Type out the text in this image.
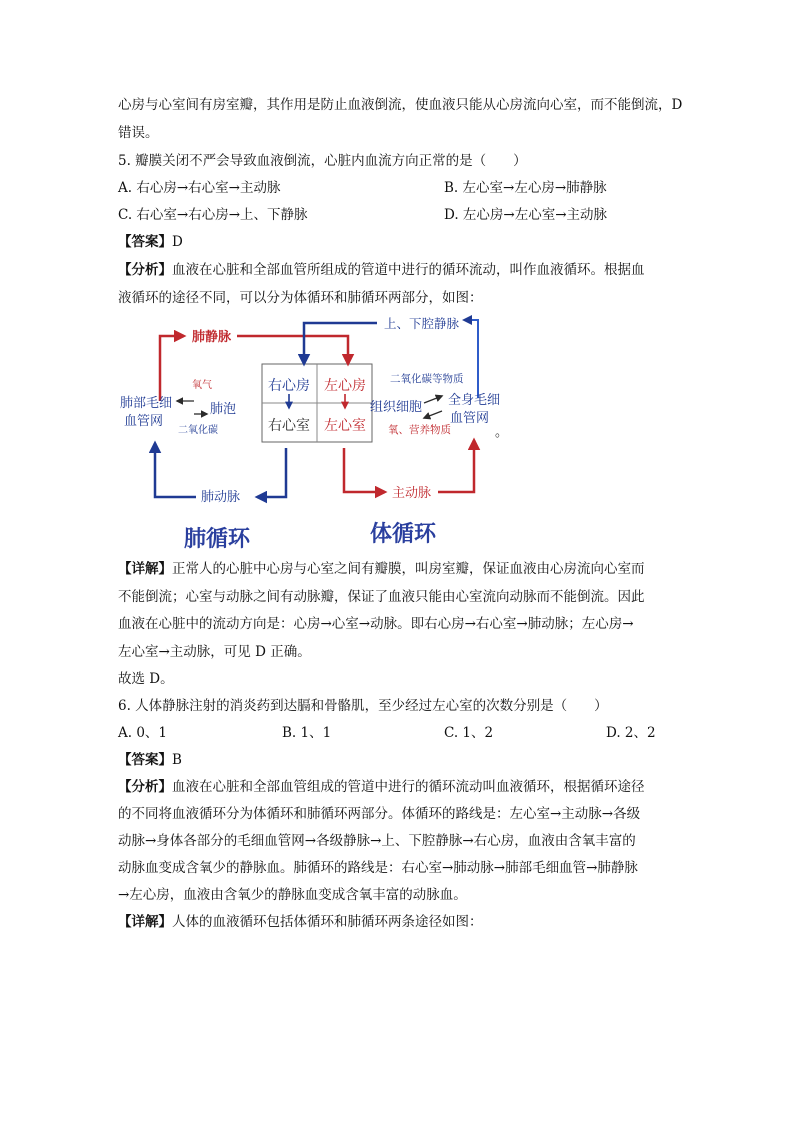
心房与心室间有房室瓣，其作用是防止血液倒流，使血液只能从心房流向心室，而不能倒流，D
错误。
5. 瓣膜关闭不严会导致血液倒流，心脏内血流方向正常的是（　　）
A. 右心房→右心室→主动脉	B. 左心室→左心房→肺静脉
C. 右心室→右心房→上、下静脉	D. 左心房→左心室→主动脉
【答案】D
【分析】血液在心脏和全部血管所组成的管道中进行的循环流动，叫作血液循环。根据血
液循环的途径不同，可以分为体循环和肺循环两部分，如图：
右心房 左心房
右心室 左心室
肺静脉
上、下腔静脉
肺部毛细
血管网
氧气
肺泡
二氧化碳
二氧化碳等物质
组织细胞 全身毛细
血管网
氧、营养物质	。
肺动脉	主动脉
肺循环	体循环
【详解】正常人的心脏中心房与心室之间有瓣膜，叫房室瓣，保证血液由心房流向心室而
不能倒流；心室与动脉之间有动脉瓣，保证了血液只能由心室流向动脉而不能倒流。因此
血液在心脏中的流动方向是：心房→心室→动脉。即右心房→右心室→肺动脉；左心房→
左心室→主动脉，可见 D 正确。
故选 D。
6. 人体静脉注射的消炎药到达膈和骨骼肌，至少经过左心室的次数分别是（　　）
A. 0、1	B. 1、1	C. 1、2	D. 2、2
【答案】B
【分析】血液在心脏和全部血管组成的管道中进行的循环流动叫血液循环，根据循环途径
的不同将血液循环分为体循环和肺循环两部分。体循环的路线是：左心室→主动脉→各级
动脉→身体各部分的毛细血管网→各级静脉→上、下腔静脉→右心房，血液由含氧丰富的
动脉血变成含氧少的静脉血。肺循环的路线是：右心室→肺动脉→肺部毛细血管→肺静脉
→左心房，血液由含氧少的静脉血变成含氧丰富的动脉血。
【详解】人体的血液循环包括体循环和肺循环两条途径如图：
